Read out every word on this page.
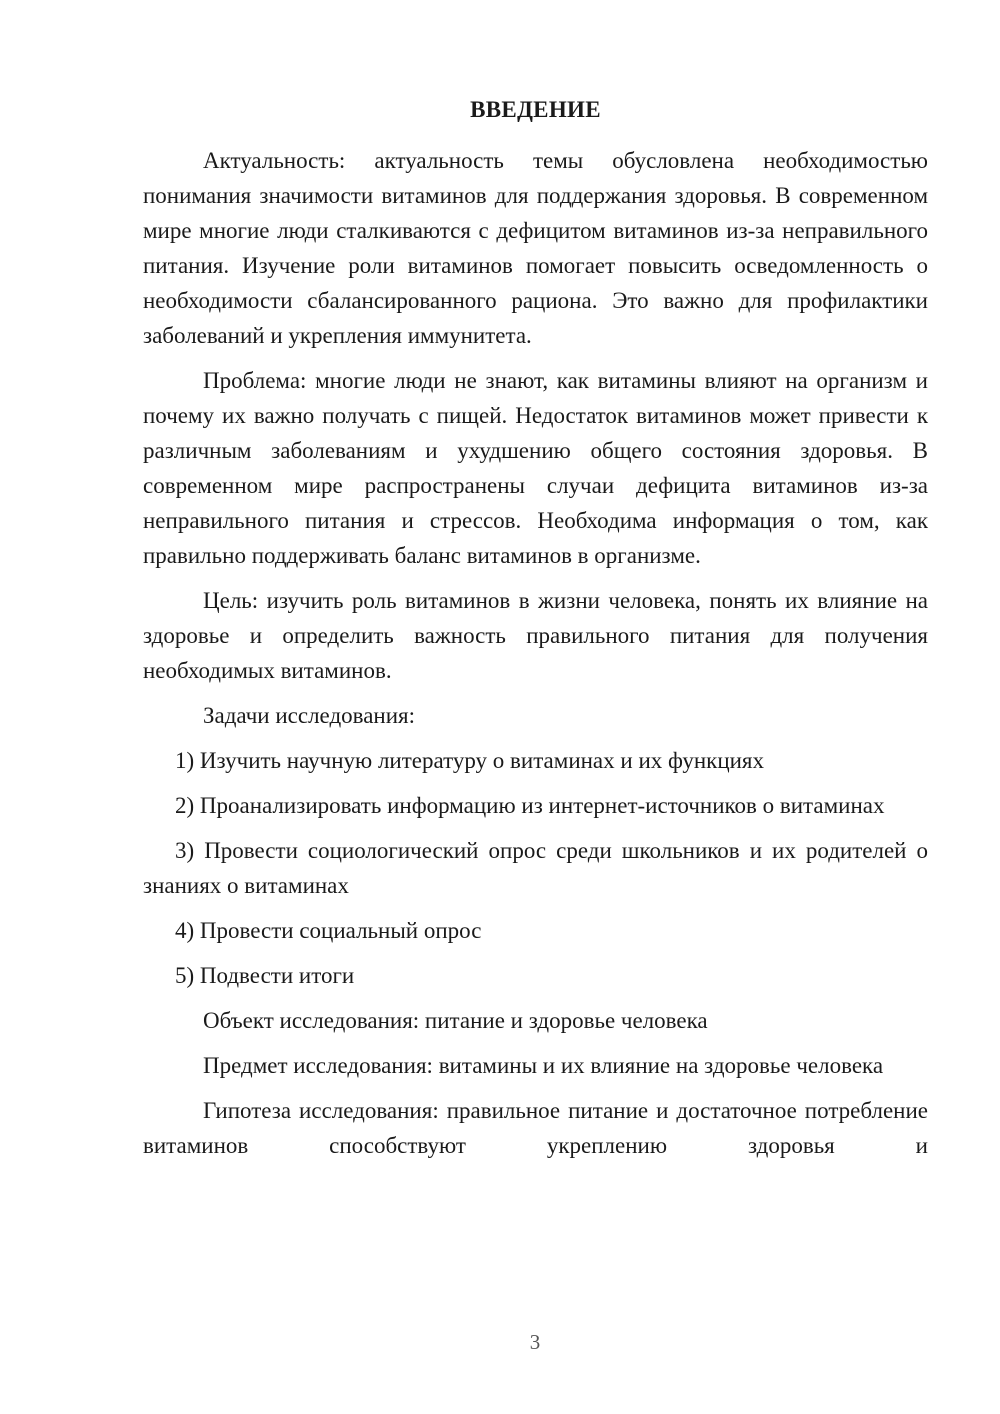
ВВЕДЕНИЕ

Актуальность: актуальность темы обусловлена необходимостью понимания значимости витаминов для поддержания здоровья. В современном мире многие люди сталкиваются с дефицитом витаминов из-за неправильного питания. Изучение роли витаминов помогает повысить осведомленность о необходимости сбалансированного рациона. Это важно для профилактики заболеваний и укрепления иммунитета.

Проблема: многие люди не знают, как витамины влияют на организм и почему их важно получать с пищей. Недостаток витаминов может привести к различным заболеваниям и ухудшению общего состояния здоровья. В современном мире распространены случаи дефицита витаминов из-за неправильного питания и стрессов. Необходима информация о том, как правильно поддерживать баланс витаминов в организме.

Цель: изучить роль витаминов в жизни человека, понять их влияние на здоровье и определить важность правильного питания для получения необходимых витаминов.

Задачи исследования:

1) Изучить научную литературу о витаминах и их функциях

2) Проанализировать информацию из интернет-источников о витаминах

3) Провести социологический опрос среди школьников и их родителей о знаниях о витаминах

4) Провести социальный опрос

5) Подвести итоги

Объект исследования: питание и здоровье человека

Предмет исследования: витамины и их влияние на здоровье человека

Гипотеза исследования: правильное питание и достаточное потребление витаминов способствуют укреплению здоровья и

3
